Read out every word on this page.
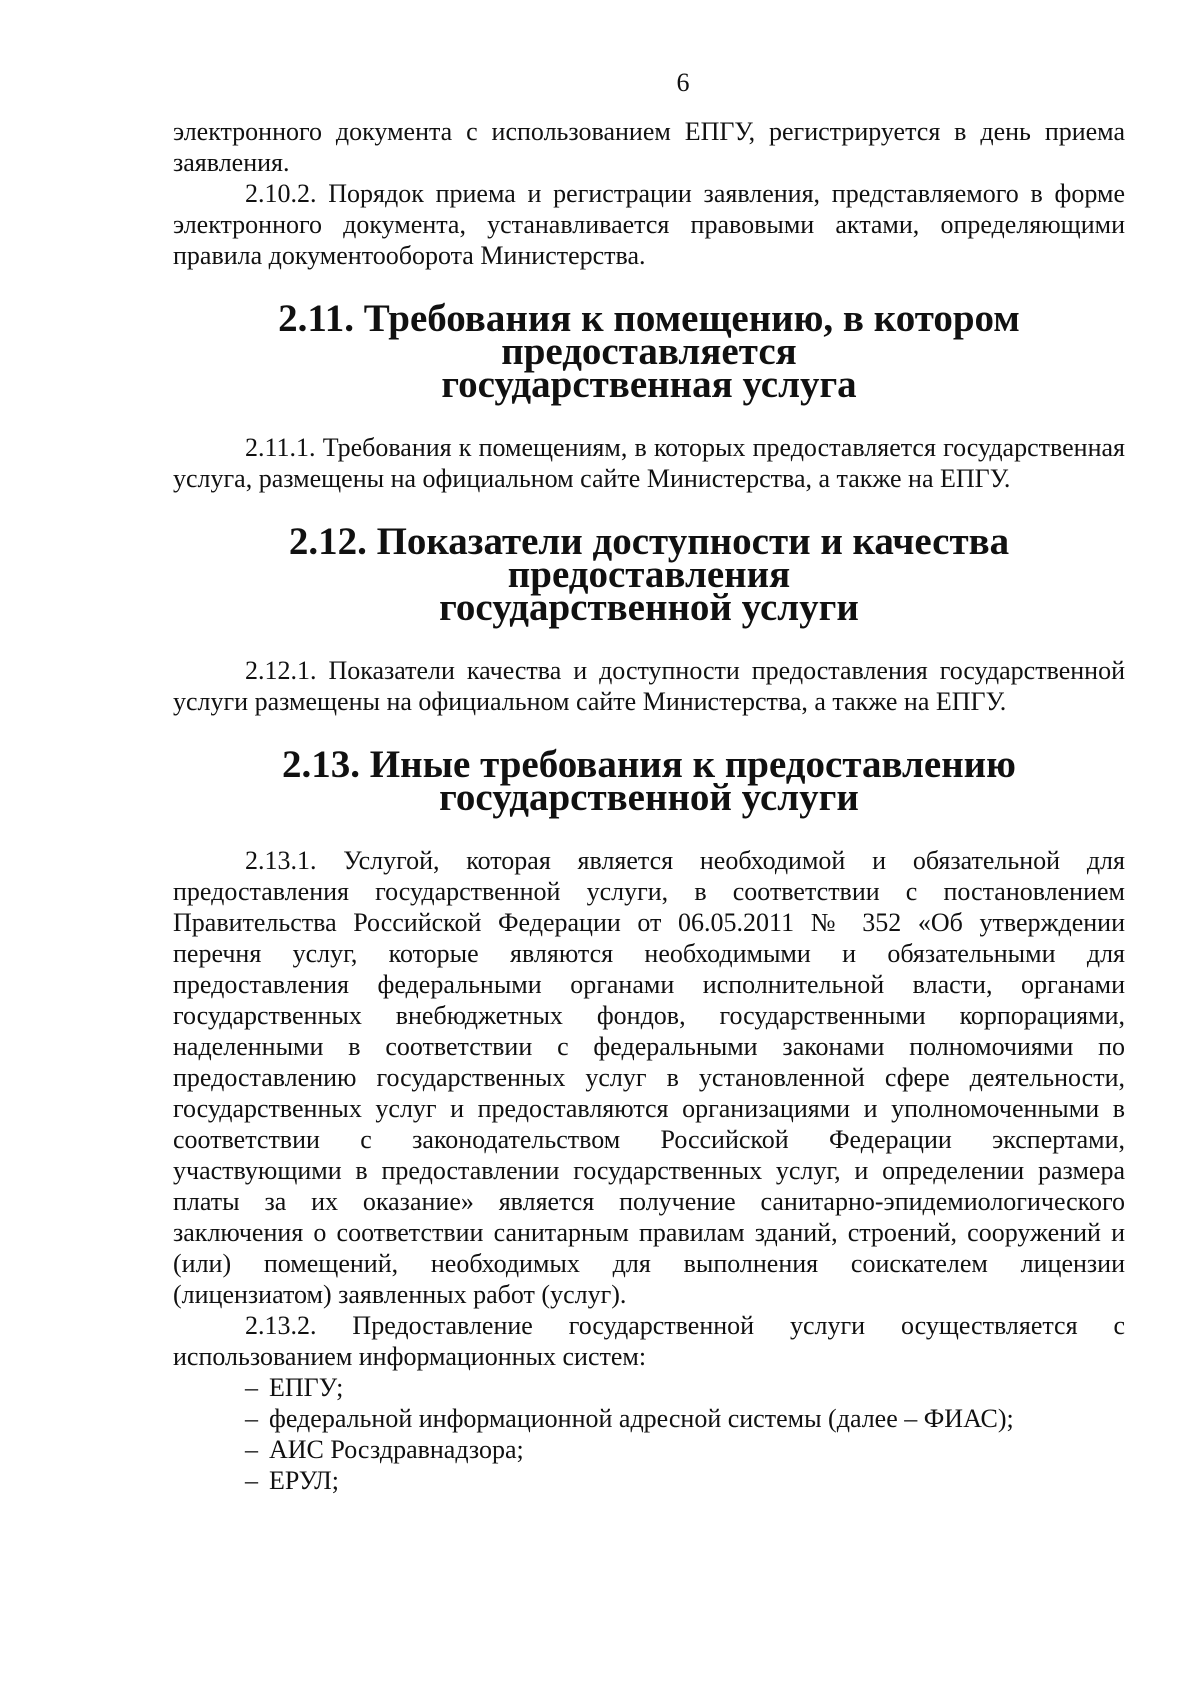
6

электронного документа с использованием ЕПГУ, регистрируется в день приема заявления.

2.10.2. Порядок приема и регистрации заявления, представляемого в форме электронного документа, устанавливается правовыми актами, определяющими правила документооборота Министерства.

2.11. Требования к помещению, в котором предоставляется
государственная услуга

2.11.1. Требования к помещениям, в которых предоставляется государственная услуга, размещены на официальном сайте Министерства, а также на ЕПГУ.

2.12. Показатели доступности и качества предоставления
государственной услуги

2.12.1. Показатели качества и доступности предоставления государственной услуги размещены на официальном сайте Министерства, а также на ЕПГУ.

2.13. Иные требования к предоставлению государственной услуги

2.13.1. Услугой, которая является необходимой и обязательной для предоставления государственной услуги, в соответствии с постановлением Правительства Российской Федерации от 06.05.2011 № 352 «Об утверждении перечня услуг, которые являются необходимыми и обязательными для предоставления федеральными органами исполнительной власти, органами государственных внебюджетных фондов, государственными корпорациями, наделенными в соответствии с федеральными законами полномочиями по предоставлению государственных услуг в установленной сфере деятельности, государственных услуг и предоставляются организациями и уполномоченными в соответствии с законодательством Российской Федерации экспертами, участвующими в предоставлении государственных услуг, и определении размера платы за их оказание» является получение санитарно-эпидемиологического заключения о соответствии санитарным правилам зданий, строений, сооружений и (или) помещений, необходимых для выполнения соискателем лицензии (лицензиатом) заявленных работ (услуг).

2.13.2. Предоставление государственной услуги осуществляется с использованием информационных систем:

– ЕПГУ;
– федеральной информационной адресной системы (далее – ФИАС);
– АИС Росздравнадзора;
– ЕРУЛ;
